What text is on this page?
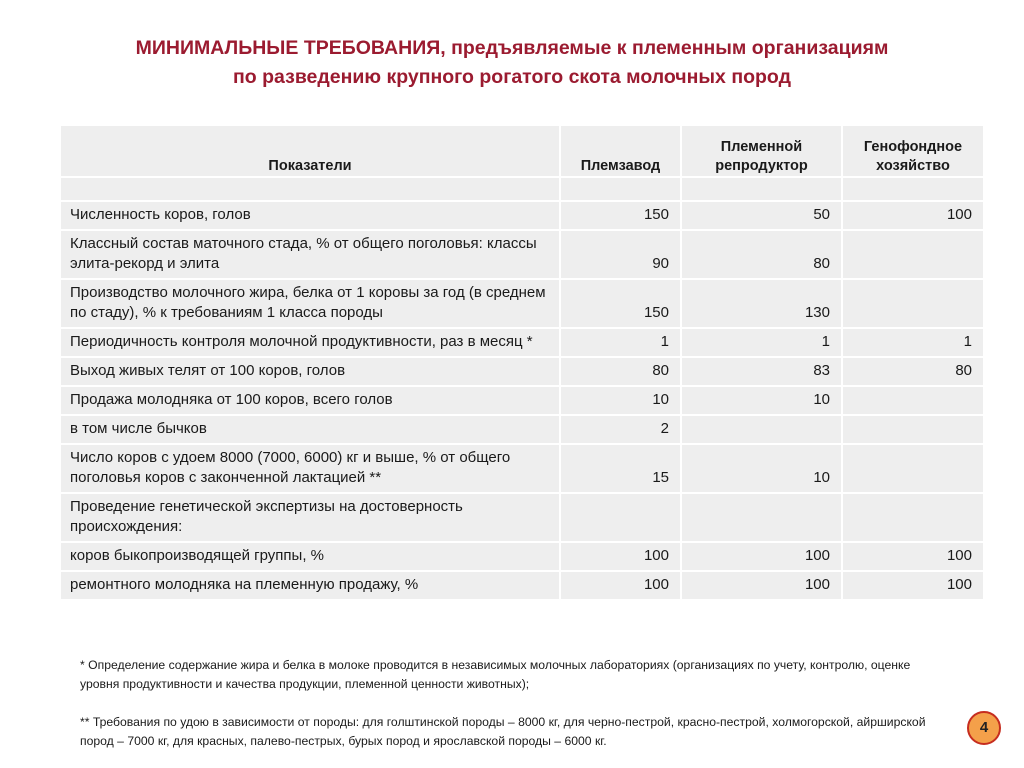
МИНИМАЛЬНЫЕ ТРЕБОВАНИЯ, предъявляемые к племенным организациям
по разведению крупного рогатого скота молочных пород
Показатели	Племзавод	Племенной репродуктор	Генофондное хозяйство

Численность коров, голов	150	50	100
Классный состав маточного стада, % от общего поголовья: классы элита-рекорд и элита	90	80	
Производство молочного жира, белка от 1 коровы за год (в среднем по стаду), % к требованиям 1 класса породы	150	130	
Периодичность контроля молочной продуктивности, раз в месяц *	1	1	1
Выход живых телят от 100 коров, голов	80	83	80
Продажа молодняка от 100 коров, всего голов	10	10	
в том числе бычков	2		
Число коров с удоем 8000 (7000, 6000) кг и выше, % от общего поголовья коров с законченной лактацией **	15	10	
Проведение генетической экспертизы на достоверность происхождения:			
коров быкопроизводящей группы, %	100	100	100
ремонтного молодняка на племенную продажу, %	100	100	100

* Определение содержание жира и белка в молоке проводится в независимых молочных лабораториях (организациях по учету, контролю, оценке уровня продуктивности и качества продукции, племенной ценности животных);

** Требования по удою в зависимости от породы: для голштинской породы – 8000 кг, для черно-пестрой, красно-пестрой, холмогорской, айрширской пород – 7000 кг, для красных, палево-пестрых, бурых пород и ярославской породы – 6000 кг.

4
